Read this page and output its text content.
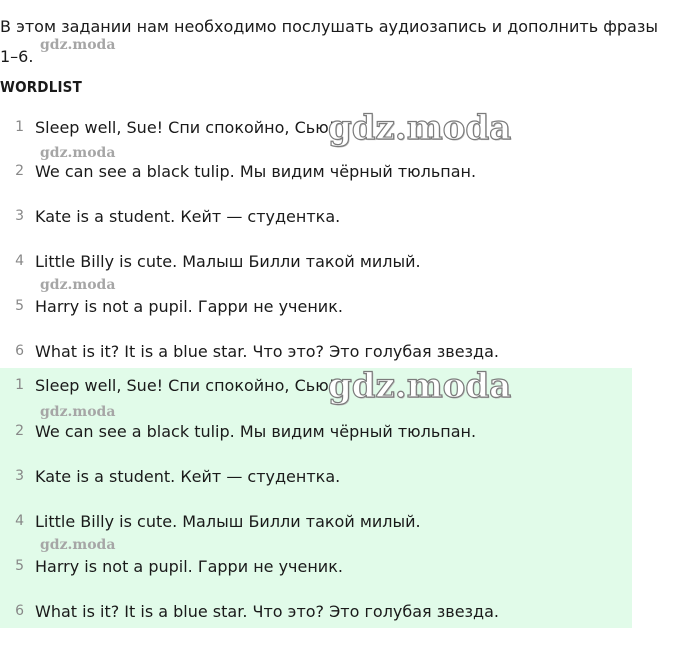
В этом задании нам необходимо послушать аудиозапись и дополнить фразы 1–6.

WORDLIST
1 Sleep well, Sue! Спи спокойно, Сью!
2 We can see a black tulip. Мы видим чёрный тюльпан.
3 Kate is a student. Кейт — студентка.
4 Little Billy is cute. Малыш Билли такой милый.
5 Harry is not a pupil. Гарри не ученик.
6 What is it? It is a blue star. Что это? Это голубая звезда.
1 Sleep well, Sue! Спи спокойно, Сью!
2 We can see a black tulip. Мы видим чёрный тюльпан.
3 Kate is a student. Кейт — студентка.
4 Little Billy is cute. Малыш Билли такой милый.
5 Harry is not a pupil. Гарри не ученик.
6 What is it? It is a blue star. Что это? Это голубая звезда.
gdz.moda
gdz.moda
gdz.moda
gdz.moda
gdz.moda
gdz.moda
gdz.moda
